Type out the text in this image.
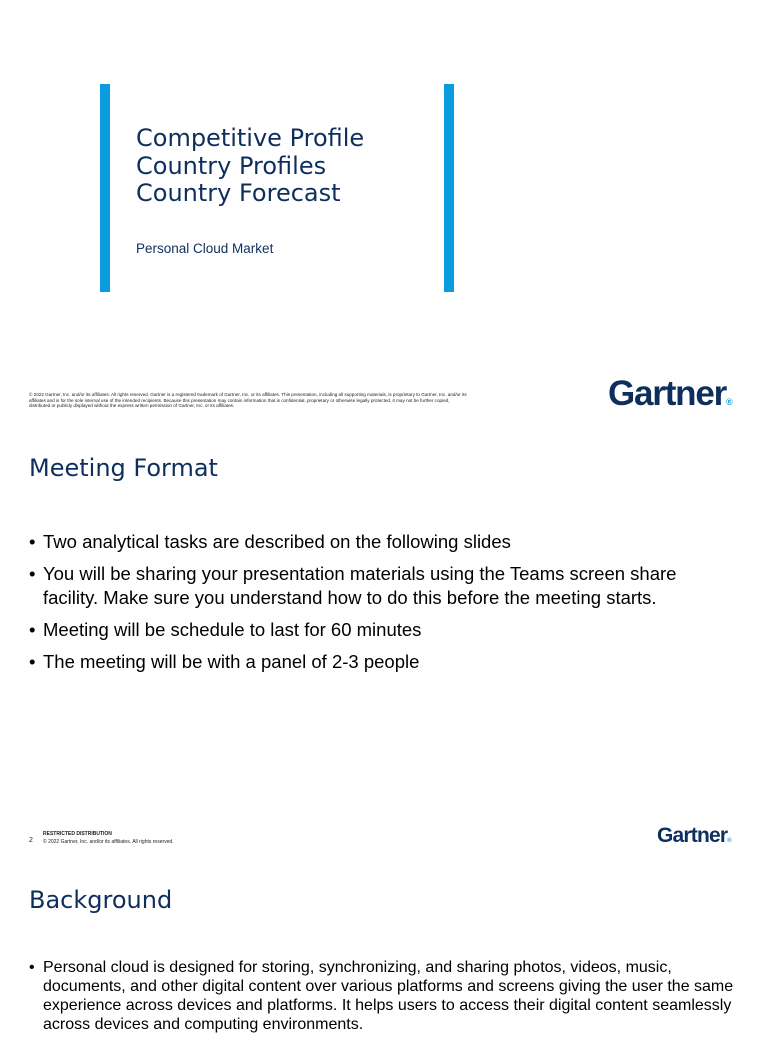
Competitive Profile
Country Profiles
Country Forecast
Personal Cloud Market
© 2022 Gartner, Inc. and/or its affiliates. All rights reserved. Gartner is a registered trademark of Gartner, Inc. or its affiliates. This presentation, including all supporting materials, is proprietary to Gartner, Inc. and/or its affiliates and is for the sole internal use of the intended recipients. Because this presentation may contain information that is confidential, proprietary or otherwise legally protected, it may not be further copied, distributed or publicly displayed without the express written permission of Gartner, Inc. or its affiliates.	Gartner®
Meeting Format
• Two analytical tasks are described on the following slides
• You will be sharing your presentation materials using the Teams screen share facility. Make sure you understand how to do this before the meeting starts.
• Meeting will be schedule to last for 60 minutes
• The meeting will be with a panel of 2-3 people
2
RESTRICTED DISTRIBUTION
© 2022 Gartner, Inc. and/or its affiliates. All rights reserved.	Gartner®
Background
• Personal cloud is designed for storing, synchronizing, and sharing photos, videos, music, documents, and other digital content over various platforms and screens giving the user the same experience across devices and platforms. It helps users to access their digital content seamlessly across devices and computing environments.
